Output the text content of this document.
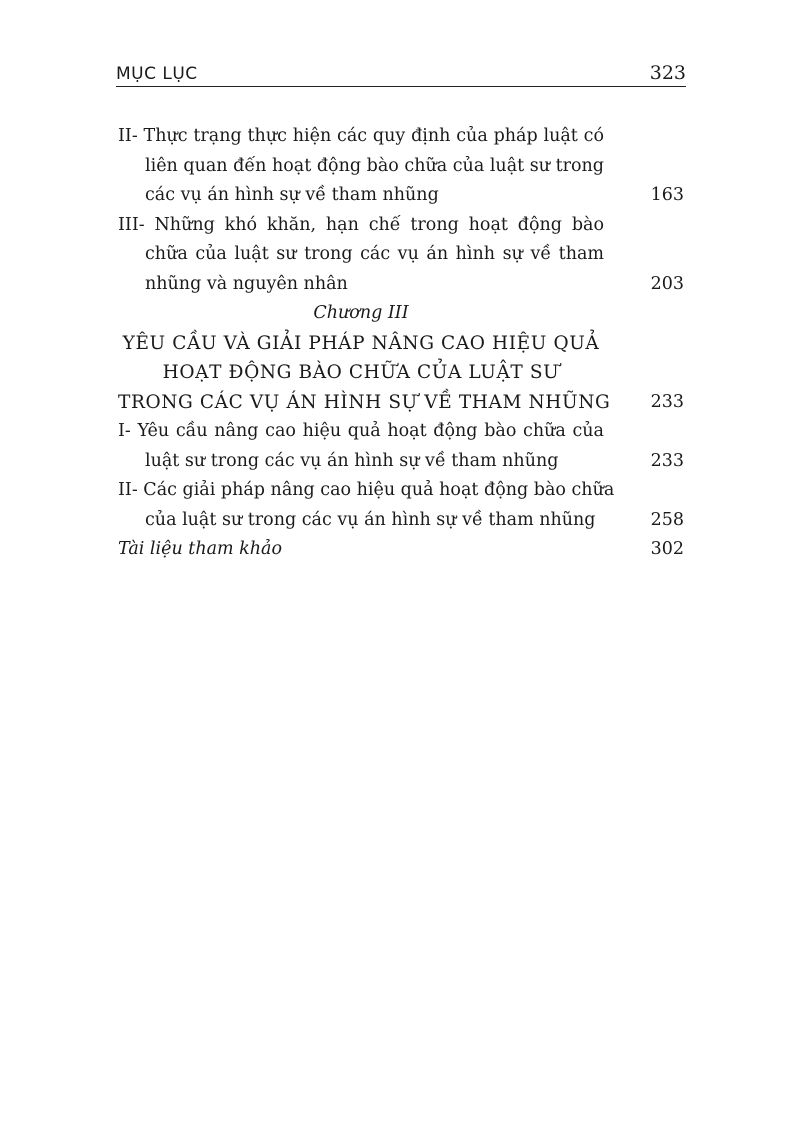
MỤC LỤC	323
II- Thực trạng thực hiện các quy định của pháp luật có
liên quan đến hoạt động bào chữa của luật sư trong
các vụ án hình sự về tham nhũng	163
III- Những khó khăn, hạn chế trong hoạt động bào
chữa của luật sư trong các vụ án hình sự về tham
nhũng và nguyên nhân	203
Chương III
YÊU CẦU VÀ GIẢI PHÁP NÂNG CAO HIỆU QUẢ
HOẠT ĐỘNG BÀO CHỮA CỦA LUẬT SƯ
TRONG CÁC VỤ ÁN HÌNH SỰ VỀ THAM NHŨNG 233
I- Yêu cầu nâng cao hiệu quả hoạt động bào chữa của
luật sư trong các vụ án hình sự về tham nhũng	233
II- Các giải pháp nâng cao hiệu quả hoạt động bào chữa
của luật sư trong các vụ án hình sự về tham nhũng	258
Tài liệu tham khảo	302
